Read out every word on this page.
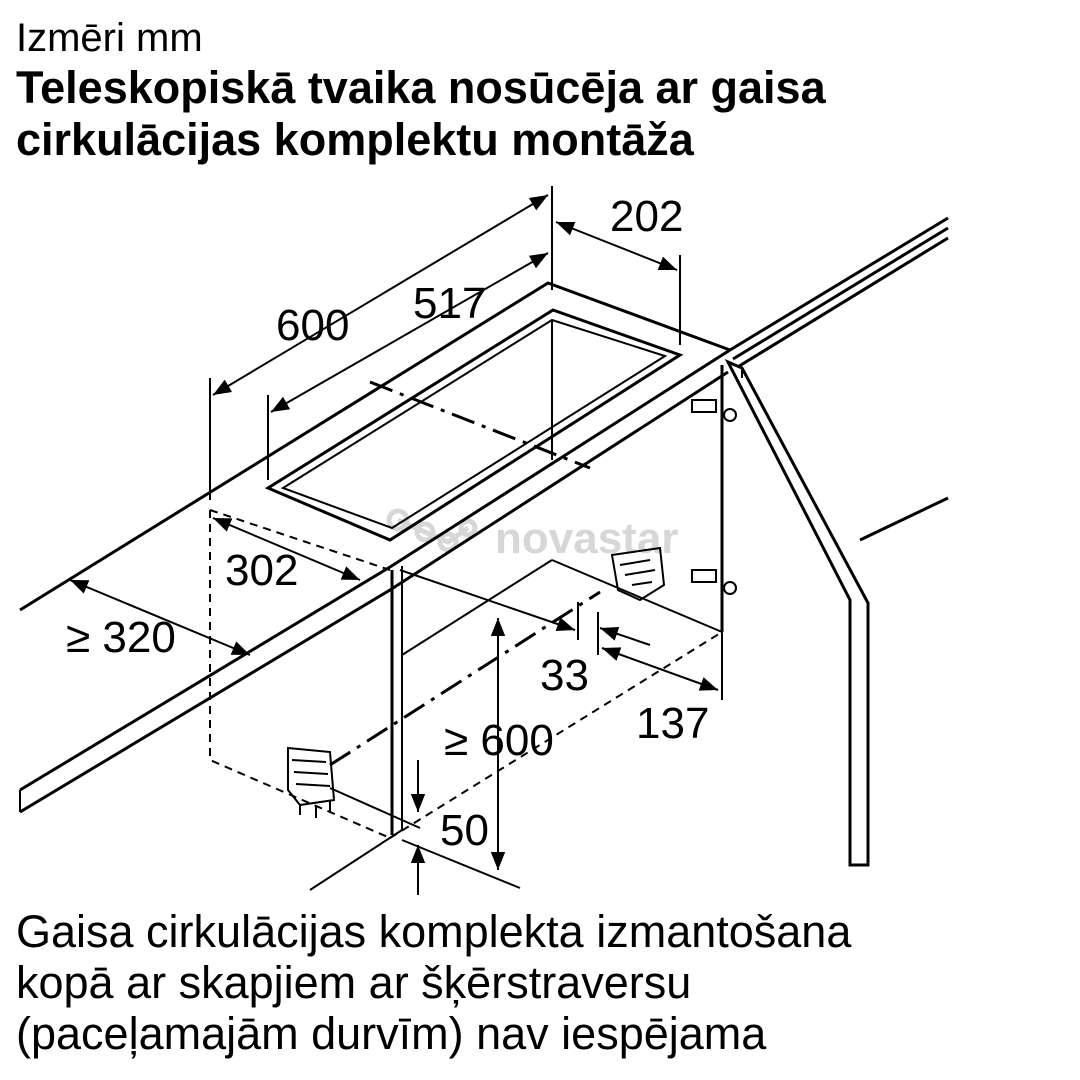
Izmēri mm

Teleskopiskā tvaika nosūcēja ar gaisa

cirkulācijas komplektu montāža

novastar
600 517
202
302
≥ 320
33
137
≥ 600
50

Gaisa cirkulācijas komplekta izmantošana

kopā ar skapjiem ar šķērstraversu

(paceļamajām durvīm) nav iespējama
